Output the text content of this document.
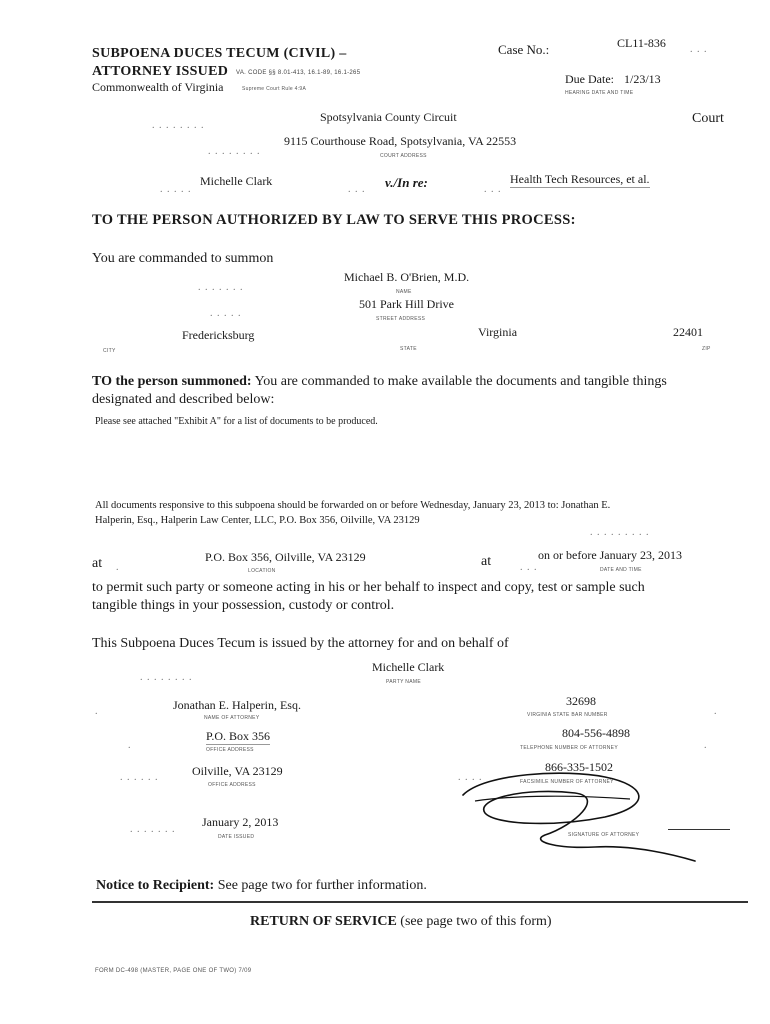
SUBPOENA DUCES TECUM (CIVIL) –
ATTORNEY ISSUED VA. CODE §§ 8.01-413, 16.1-89, 16.1-265
Commonwealth of Virginia	Supreme Court Rule 4:9A
Case No.:	CL11-836 . . .
Due Date: 1/23/13
HEARING DATE AND TIME
. . . . . . . .
Spotsylvania County Circuit	Court
. . . . . . . .
9115 Courthouse Road, Spotsylvania, VA 22553
COURT ADDRESS
. . . . .
Michelle Clark
. . . v./In re:	. . .
Health Tech Resources, et al.
TO THE PERSON AUTHORIZED BY LAW TO SERVE THIS PROCESS:
You are commanded to summon
Michael B. O'Brien, M.D.
NAME
. . . . . . .
501 Park Hill Drive
STREET ADDRESS
. . . . .
Fredericksburg
CITY
Virginia
STATE
22401
ZIP
TO the person summoned: You are commanded to make available the documents and tangible things
designated and described below:
Please see attached "Exhibit A" for a list of documents to be produced.
All documents responsive to this subpoena should be forwarded on or before Wednesday, January 23, 2013 to: Jonathan E.
Halperin, Esq., Halperin Law Center, LLC, P.O. Box 356, Oilville, VA 23129
. . . . . . . . .
at .
P.O. Box 356, Oilville, VA 23129
LOCATION
at	. . .
on or before January 23, 2013
DATE AND TIME
to permit such party or someone acting in his or her behalf to inspect and copy, test or sample such
tangible things in your possession, custody or control.
This Subpoena Duces Tecum is issued by the attorney for and on behalf of
Michelle Clark
PARTY NAME
. . . . . . . .
Jonathan E. Halperin, Esq.
NAME OF ATTORNEY
32698
VIRGINIA STATE BAR NUMBER
.	.
P.O. Box 356
OFFICE ADDRESS
804-556-4898
TELEPHONE NUMBER OF ATTORNEY
.	.
Oilville, VA 23129
OFFICE ADDRESS
. . . . . .	. . . .
866-335-1502
FACSIMILE NUMBER OF ATTORNEY
January 2, 2013
DATE ISSUED
. . . . . . .	SIGNATURE OF ATTORNEY
Notice to Recipient: See page two for further information.
RETURN OF SERVICE (see page two of this form)
FORM DC-498 (MASTER, PAGE ONE OF TWO) 7/09
